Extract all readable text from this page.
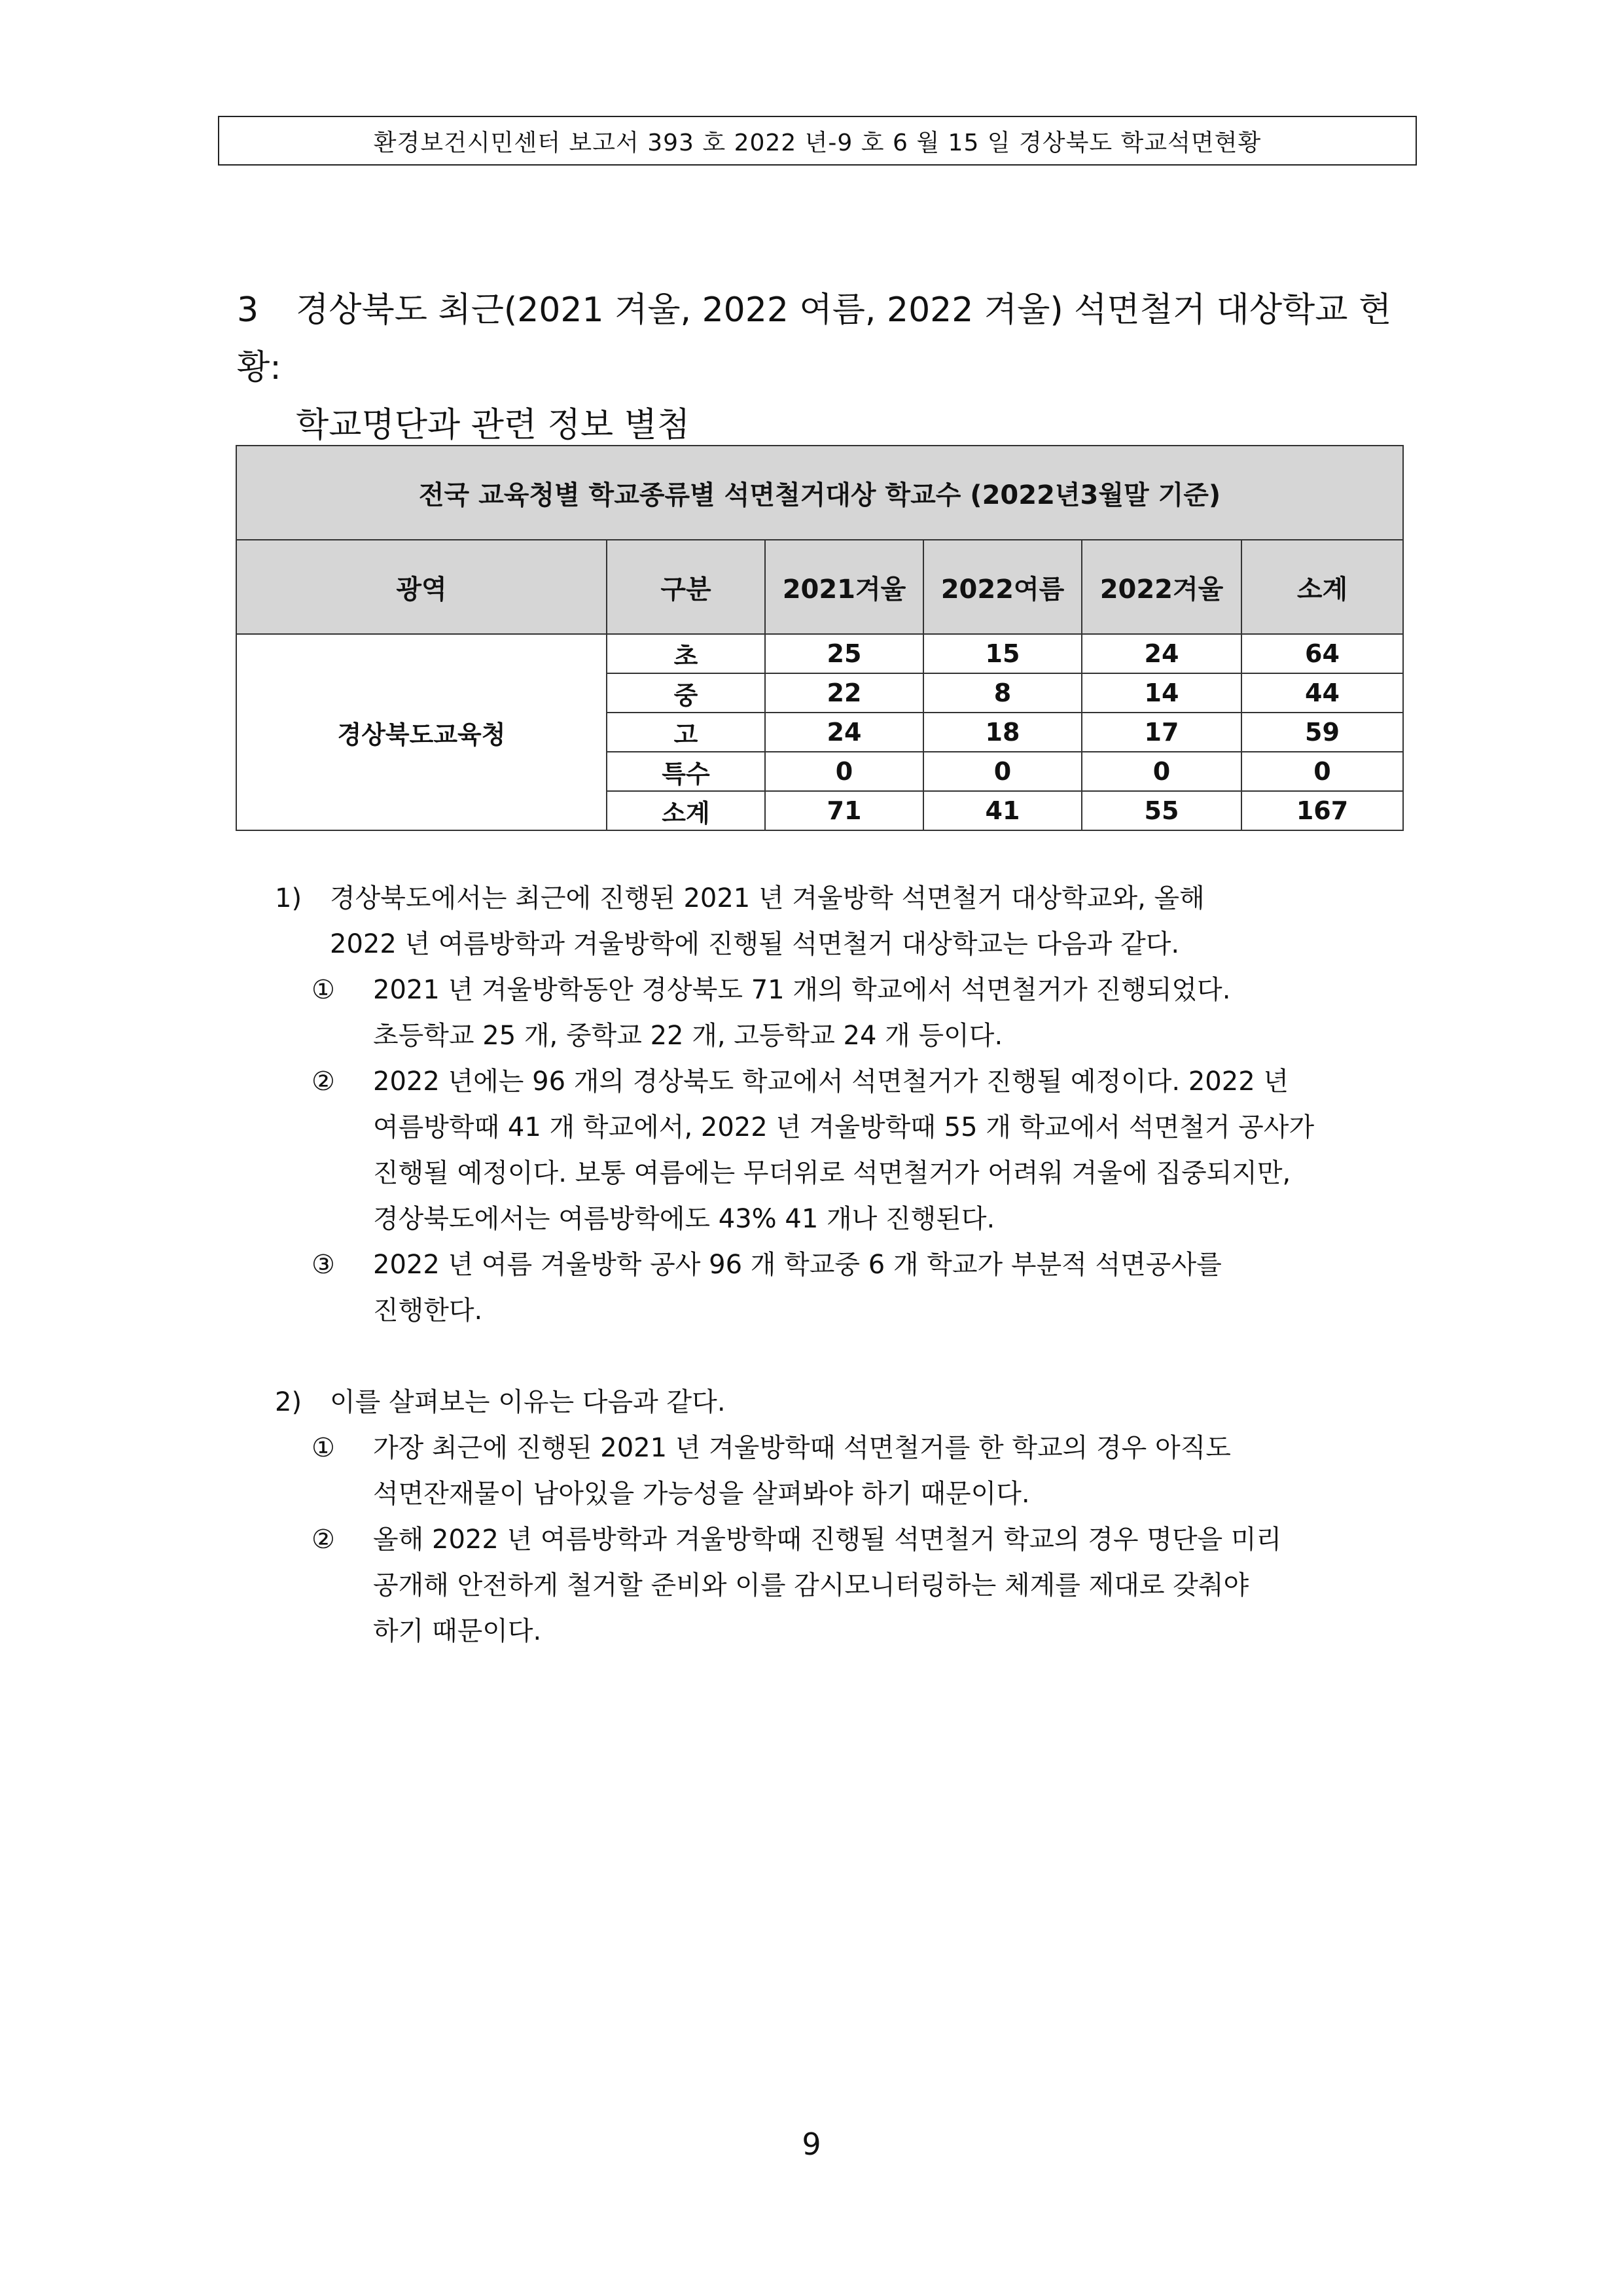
환경보건시민센터 보고서 393 호 2022 년-9 호 6 월 15 일 경상북도 학교석면현황
3 경상북도 최근(2021 겨울, 2022 여름, 2022 겨울) 석면철거 대상학교 현황:
학교명단과 관련 정보 별첨
전국 교육청별 학교종류별 석면철거대상 학교수 (2022년3월말 기준)					
광역	구분	2021겨울	2022여름	2022겨울	소계
경상북도교육청	초	25	15	24	64
	중	22	8	14	44
	고	24	18	17	59
	특수	0	0	0	0
	소계	71	41	55	167
1) 경상북도에서는 최근에 진행된 2021 년 겨울방학 석면철거 대상학교와, 올해
2022 년 여름방학과 겨울방학에 진행될 석면철거 대상학교는 다음과 같다.
① 2021 년 겨울방학동안 경상북도 71 개의 학교에서 석면철거가 진행되었다.
초등학교 25 개, 중학교 22 개, 고등학교 24 개 등이다.
② 2022 년에는 96 개의 경상북도 학교에서 석면철거가 진행될 예정이다. 2022 년
여름방학때 41 개 학교에서, 2022 년 겨울방학때 55 개 학교에서 석면철거 공사가
진행될 예정이다. 보통 여름에는 무더위로 석면철거가 어려워 겨울에 집중되지만,
경상북도에서는 여름방학에도 43% 41 개나 진행된다.
③ 2022 년 여름 겨울방학 공사 96 개 학교중 6 개 학교가 부분적 석면공사를
진행한다.
2) 이를 살펴보는 이유는 다음과 같다.
① 가장 최근에 진행된 2021 년 겨울방학때 석면철거를 한 학교의 경우 아직도
석면잔재물이 남아있을 가능성을 살펴봐야 하기 때문이다.
② 올해 2022 년 여름방학과 겨울방학때 진행될 석면철거 학교의 경우 명단을 미리
공개해 안전하게 철거할 준비와 이를 감시모니터링하는 체계를 제대로 갖춰야
하기 때문이다.
9
